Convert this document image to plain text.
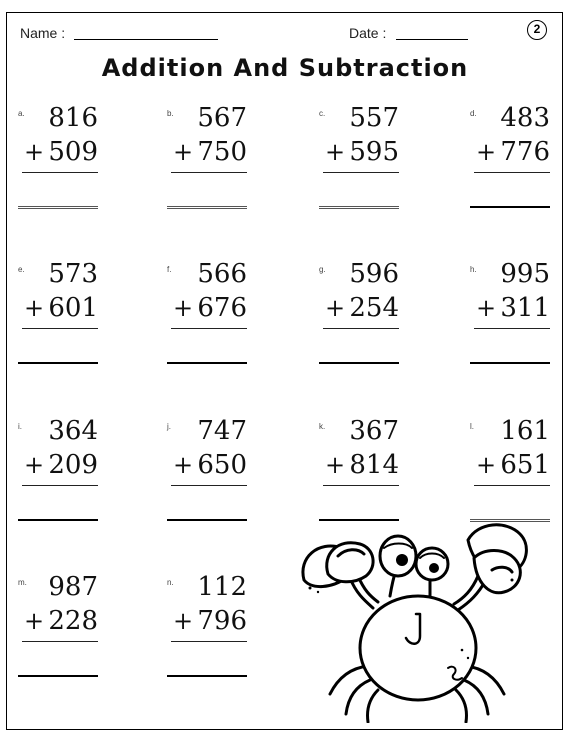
Name :	Date :	2
Addition And Subtraction
a. 816
+ 509
b. 567
+ 750
c. 557
+ 595
d. 483
+ 776
e. 573
+ 601
f. 566
+ 676
g. 596
+ 254
h. 995
+ 311
i. 364
+ 209
j. 747
+ 650
k. 367
+ 814
l. 161
+ 651
m. 987
+ 228
n. 112
+ 796
